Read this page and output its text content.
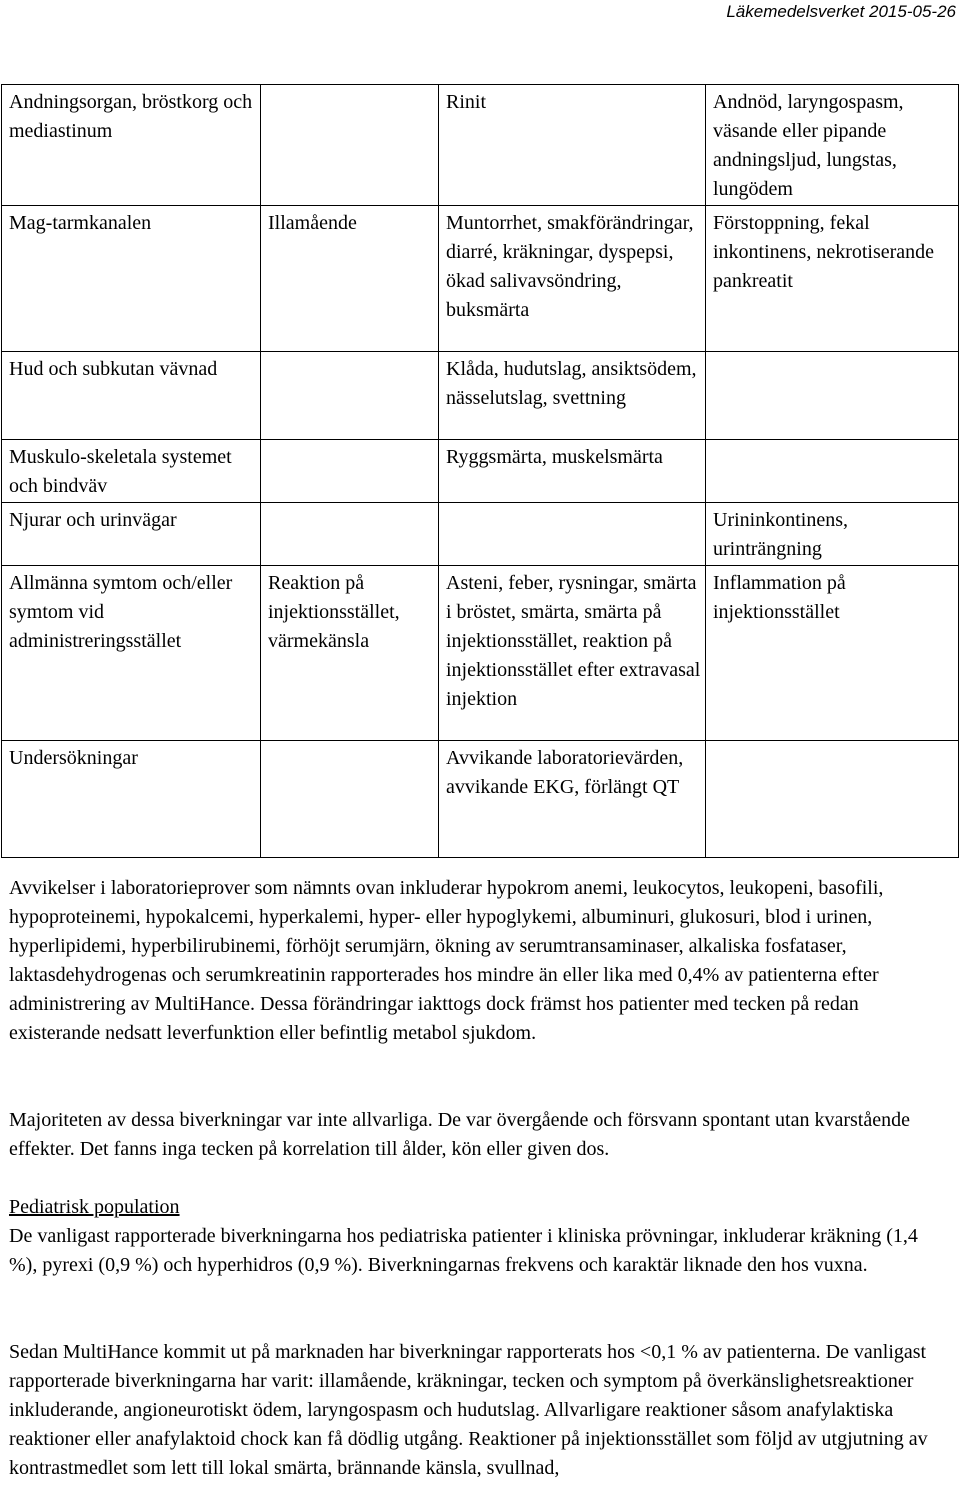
Läkemedelsverket 2015-05-26
Andningsorgan, bröstkorg och mediastinum		Rinit	Andnöd, laryngospasm, väsande eller pipande andningsljud, lungstas, lungödem
Mag-tarmkanalen	Illamående	Muntorrhet, smakförändringar, diarré, kräkningar, dyspepsi, ökad salivavsöndring, buksmärta	Förstoppning, fekal inkontinens, nekrotiserande pankreatit
Hud och subkutan vävnad		Klåda, hudutslag, ansiktsödem, nässelutslag, svettning	
Muskulo-skeletala systemet och bindväv		Ryggsmärta, muskelsmärta	
Njurar och urinvägar			Urininkontinens, urinträngning
Allmänna symtom och/eller symtom vid administreringsstället	Reaktion på injektionsstället, värmekänsla	Asteni, feber, rysningar, smärta i bröstet, smärta, smärta på injektionsstället, reaktion på injektionsstället efter extravasal injektion	Inflammation på injektionsstället
Undersökningar		Avvikande laboratorievärden, avvikande EKG, förlängt QT	

Avvikelser i laboratorieprover som nämnts ovan inkluderar hypokrom anemi, leukocytos, leukopeni, basofili, hypoproteinemi, hypokalcemi, hyperkalemi, hyper- eller hypoglykemi, albuminuri, glukosuri, blod i urinen, hyperlipidemi, hyperbilirubinemi, förhöjt serumjärn, ökning av serumtransaminaser, alkaliska fosfataser, laktasdehydrogenas och serumkreatinin rapporterades hos mindre än eller lika med 0,4% av patienterna efter administrering av MultiHance. Dessa förändringar iakttogs dock främst hos patienter med tecken på redan existerande nedsatt leverfunktion eller befintlig metabol sjukdom.

Majoriteten av dessa biverkningar var inte allvarliga. De var övergående och försvann spontant utan kvarstående effekter. Det fanns inga tecken på korrelation till ålder, kön eller given dos.

Pediatrisk population

De vanligast rapporterade biverkningarna hos pediatriska patienter i kliniska prövningar, inkluderar kräkning (1,4 %), pyrexi (0,9 %) och hyperhidros (0,9 %). Biverkningarnas frekvens och karaktär liknade den hos vuxna.

Sedan MultiHance kommit ut på marknaden har biverkningar rapporterats hos <0,1 % av patienterna. De vanligast rapporterade biverkningarna har varit: illamående, kräkningar, tecken och symptom på överkänslighetsreaktioner inkluderande, angioneurotiskt ödem, laryngospasm och hudutslag. Allvarligare reaktioner såsom anafylaktiska reaktioner eller anafylaktoid chock kan få dödlig utgång. Reaktioner på injektionsstället som följd av utgjutning av kontrastmedlet som lett till lokal smärta, brännande känsla, svullnad,
